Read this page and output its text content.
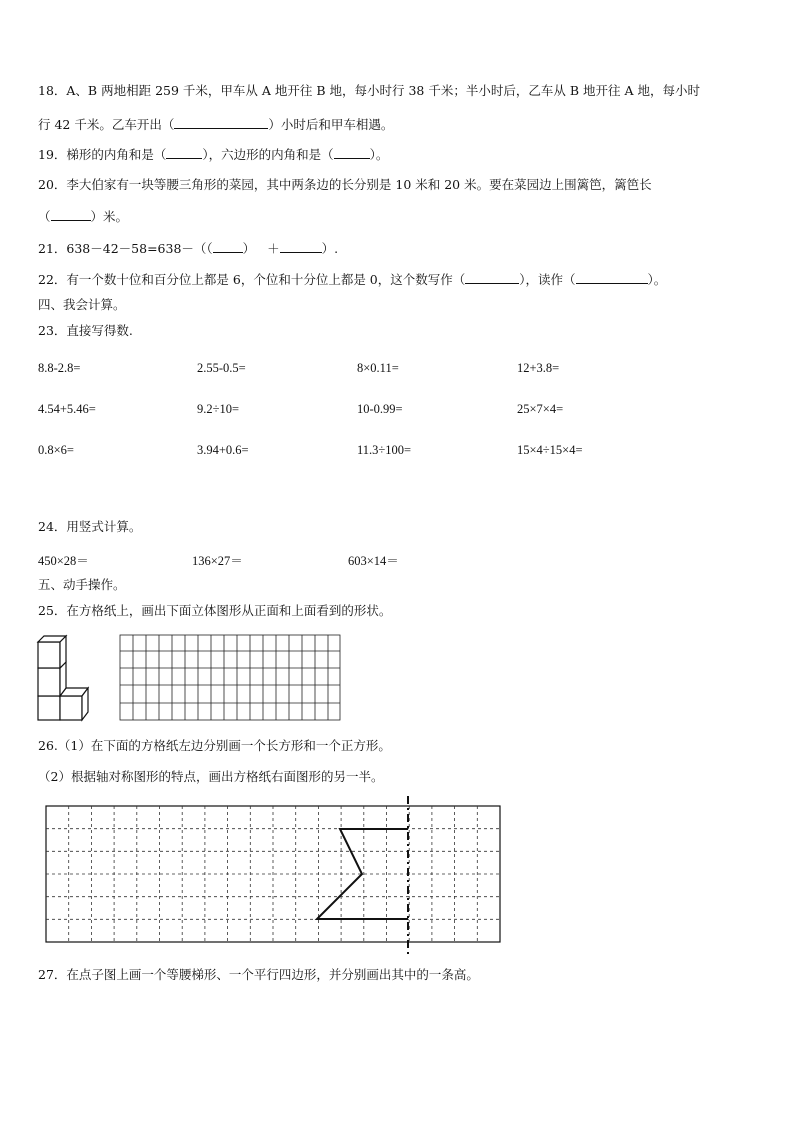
18．A、B 两地相距 259 千米，甲车从 A 地开往 B 地，每小时行 38 千米；半小时后，乙车从 B 地开往 A 地，每小时
行 42 千米。乙车开出（	）小时后和甲车相遇。
19．梯形的内角和是（	），六边形的内角和是（	）。
20．李大伯家有一块等腰三角形的菜园，其中两条边的长分别是 10 米和 20 米。要在菜园边上围篱笆，篱笆长
（	）米。
21．638－42－58=638－（（ ） ＋	）.
22．有一个数十位和百分位上都是 6，个位和十分位上都是 0，这个数写作（	），读作（	）。
四、我会计算。
23．直接写得数.
8.8-2.8=	2.55-0.5=	8×0.11=	12+3.8=
4.54+5.46=	9.2÷10=	10-0.99=	25×7×4=
0.8×6=	3.94+0.6=	11.3÷100=	15×4÷15×4=
24．用竖式计算。
450×28＝	136×27＝	603×14＝
五、动手操作。
25．在方格纸上，画出下面立体图形从正面和上面看到的形状。
26.（1）在下面的方格纸左边分别画一个长方形和一个正方形。
（2）根据轴对称图形的特点，画出方格纸右面图形的另一半。
27．在点子图上画一个等腰梯形、一个平行四边形，并分别画出其中的一条高。
